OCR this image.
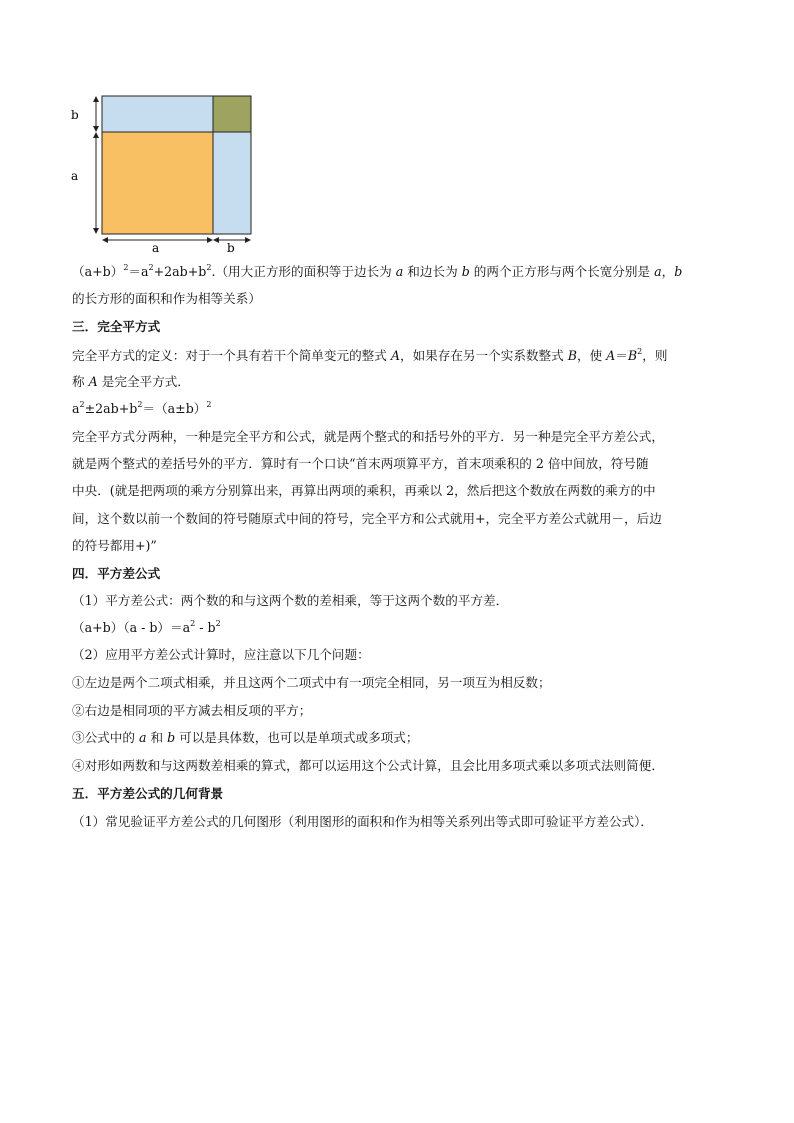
b
a
a	b
$(a+b)^2=a^2+2ab+b^2$.（用大正方形的面积等于边长为 a 和边长为 b 的两个正方形与两个长宽分别是 a，b
的长方形的面积和作为相等关系）
三．完全平方式
完全平方式的定义：对于一个具有若干个简单变元的整式 A，如果存在另一个实系数整式 B，使 $A=B^2$，则
称 A 是完全平方式．
$a^2\pm 2ab+b^2=(a\pm b)^2$
完全平方式分两种，一种是完全平方和公式，就是两个整式的和括号外的平方．另一种是完全平方差公式，
就是两个整式的差括号外的平方．算时有一个口诀“首末两项算平方，首末项乘积的 2 倍中间放，符号随
中央．(就是把两项的乘方分别算出来，再算出两项的乘积，再乘以 2，然后把这个数放在两数的乘方的中
间，这个数以前一个数间的符号随原式中间的符号，完全平方和公式就用+，完全平方差公式就用－，后边
的符号都用+)”
四．平方差公式
（1）平方差公式：两个数的和与这两个数的差相乘，等于这两个数的平方差．
$(a+b)(a - b)=a^2 - b^2$
（2）应用平方差公式计算时，应注意以下几个问题：
①左边是两个二项式相乘，并且这两个二项式中有一项完全相同，另一项互为相反数；
②右边是相同项的平方减去相反项的平方；
③公式中的 a 和 b 可以是具体数，也可以是单项式或多项式；
④对形如两数和与这两数差相乘的算式，都可以运用这个公式计算，且会比用多项式乘以多项式法则简便．
五．平方差公式的几何背景
（1）常见验证平方差公式的几何图形（利用图形的面积和作为相等关系列出等式即可验证平方差公式）．
